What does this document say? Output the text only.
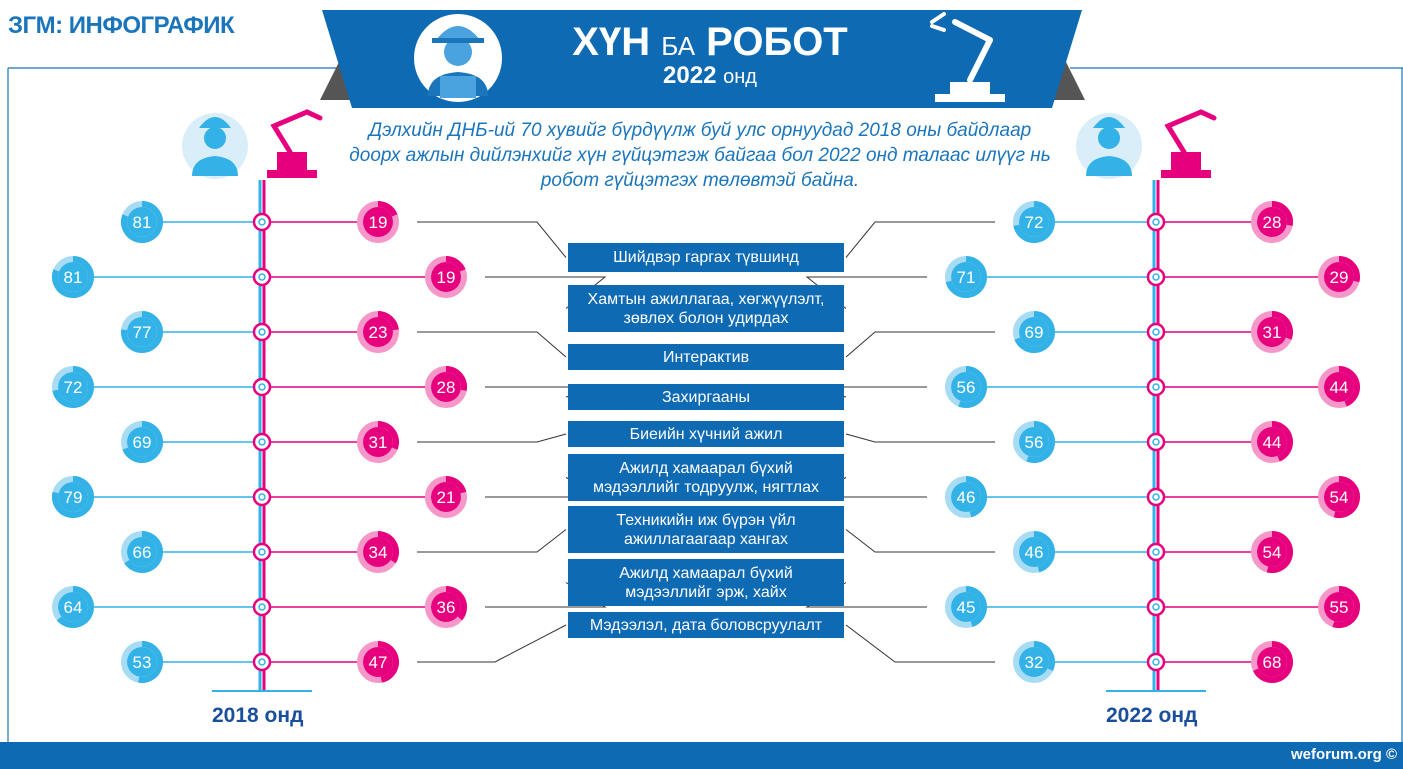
81	19	72	28
81	19	71	29
77	23	69	31
72	28	56	44
69	31	56	44
79	21	46	54
66	34	46	54
64	36	45	55
53	47	32	68
ЗГМ: ИНФОГРАФИК	ХҮН БА РОБОТ
2022 онд
Дэлхийн ДНБ-ий 70 хувийг бүрдүүлж буй улс орнуудад 2018 оны байдлаар
доорх ажлын дийлэнхийг хүн гүйцэтгэж байгаа бол 2022 онд талаас илүүг нь
робот гүйцэтгэх төлөвтэй байна.
Шийдвэр гаргах түвшинд
Хамтын ажиллагаа, хөгжүүлэлт,
зөвлөх болон удирдах
Интерактив
Захиргааны
Биеийн хүчний ажил
Ажилд хамаарал бүхий
мэдээллийг тодруулж, нягтлах
Техникийн иж бүрэн үйл
ажиллагаагаар хангах
Ажилд хамаарал бүхий
мэдээллийг эрж, хайх
Мэдээлэл, дата боловсруулалт
2018 онд	2022 онд
weforum.org ©
